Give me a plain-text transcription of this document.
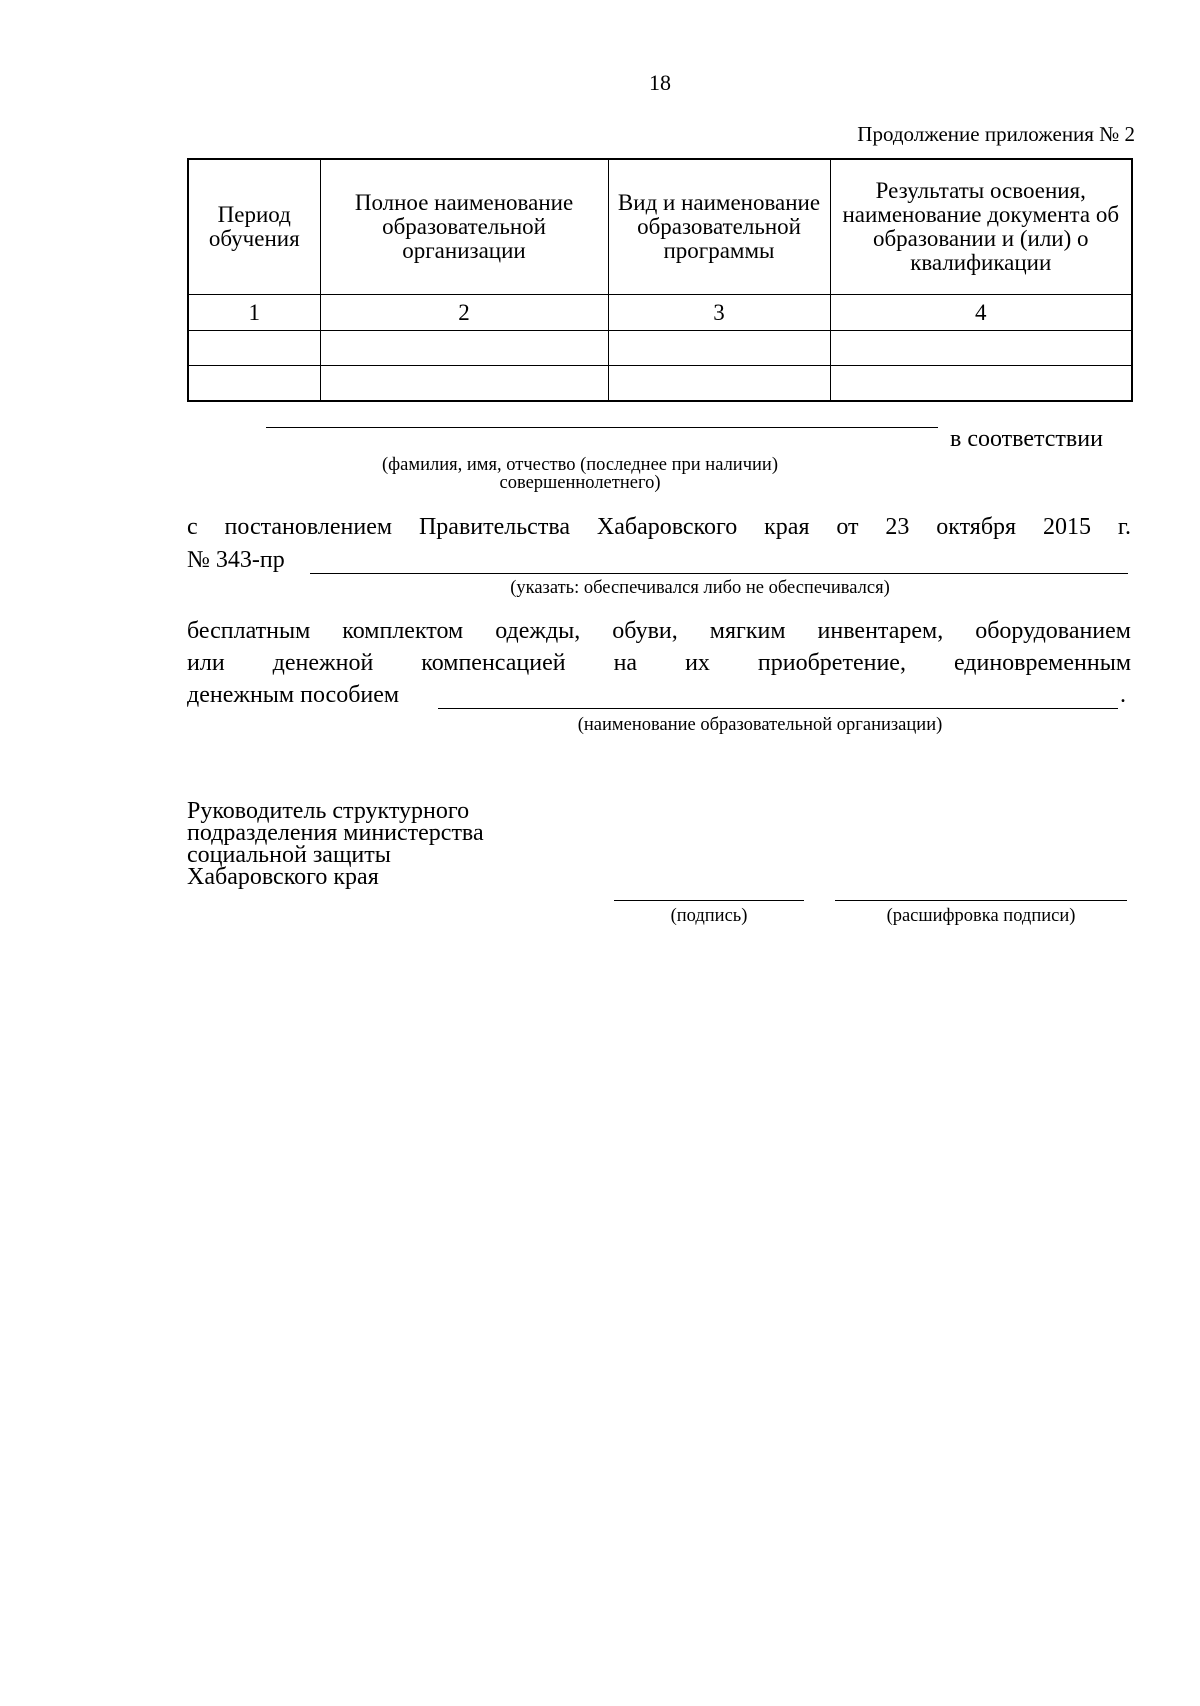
18
Продолжение приложения № 2
Период обучения	Полное наименование образовательной организации	Вид и наименование образовательной программы	Результаты освоения, наименование документа об образовании и (или) о квалификации
1	2	3	4

в соответствии
(фамилия, имя, отчество (последнее при наличии)
совершеннолетнего)
с постановлением Правительства Хабаровского края от 23 октября 2015 г.
№ 343-пр
(указать: обеспечивался либо не обеспечивался)
бесплатным комплектом одежды, обуви, мягким инвентарем, оборудованием
или денежной компенсацией на их приобретение, единовременным
денежным пособием	.
(наименование образовательной организации)
Руководитель структурного
подразделения министерства
социальной защиты
Хабаровского края
(подпись)	(расшифровка подписи)
